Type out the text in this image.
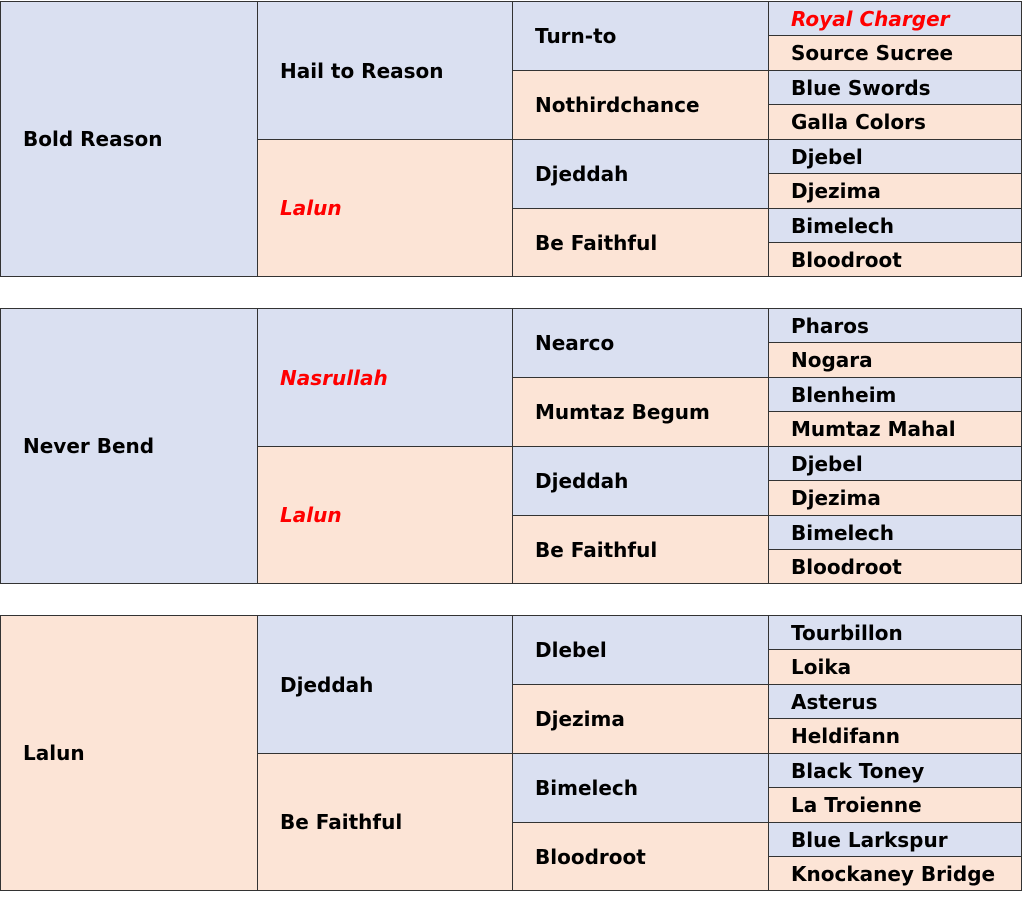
Bold Reason
Hail to Reason
Lalun
Turn-to
Nothirdchance
Djeddah
Be Faithful
Royal Charger
Source Sucree
Blue Swords
Galla Colors
Djebel
Djezima
Bimelech
Bloodroot
Never Bend
Nasrullah
Lalun
Nearco
Mumtaz Begum
Djeddah
Be Faithful
Pharos
Nogara
Blenheim
Mumtaz Mahal
Djebel
Djezima
Bimelech
Bloodroot
Lalun
Djeddah
Be Faithful
Dlebel
Djezima
Bimelech
Bloodroot
Tourbillon
Loika
Asterus
Heldifann
Black Toney
La Troienne
Blue Larkspur
Knockaney Bridge
